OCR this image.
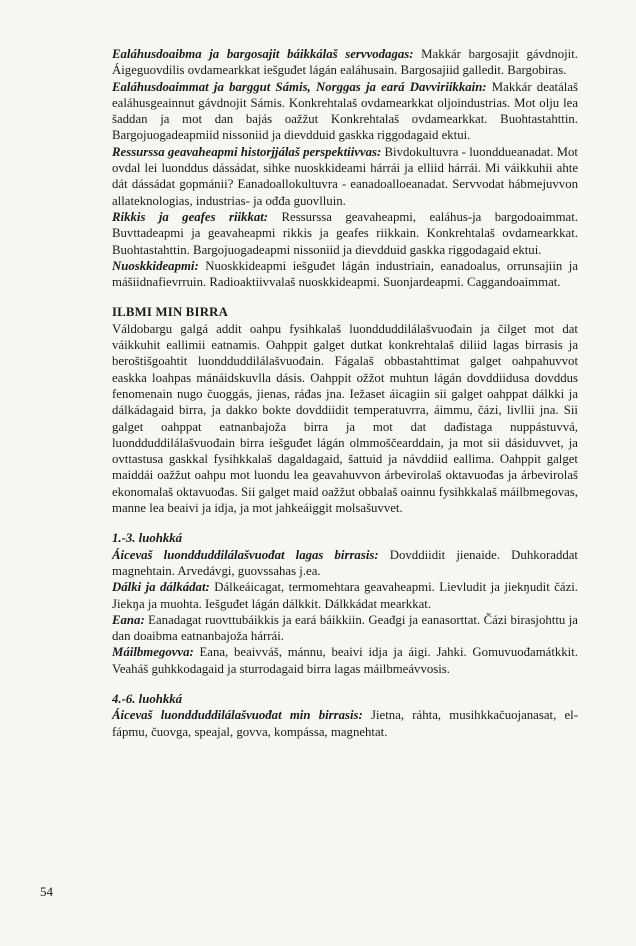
Ealáhusdoaibma ja bargosajit báikkálaš servvodagas: Makkár bargosajit gávdnojit. Áigeguovdilis ovdamearkkat iešguđet lágán ealáhusain. Bargosajiid galledit. Bargobiras.

Ealáhusdoaimmat ja barggut Sámis, Norggas ja eará Davviriikkain: Makkár deatálaš ealáhusgeainnut gávdnojit Sámis. Konkrehtalaš ovdamearkkat oljoindustrias. Mot olju lea šaddan ja mot dan bajás oažžut Konkrehtalaš ovdamearkkat. Buohtastahttin. Bargojuogadeapmiid nissoniid ja dievdduid gaskka riggodagaid ektui.

Ressurssa geavaheapmi historjjálaš perspektiivvas: Bivdokultuvra - luonddueanadat. Mot ovdal lei luonddus dássádat, sihke nuoskkideami hárrái ja elliid hárrái. Mi váikkuhii ahte dát dássádat gopmánii? Eanadoallokultuvra - eanadoalloeanadat. Servvodat hábmejuvvon allateknologias, industrias- ja ođđa guovlluin.

Rikkis ja geafes riikkat: Ressurssa geavaheapmi, ealáhus-ja bargodoaimmat. Buvttadeapmi ja geavaheapmi rikkis ja geafes riikkain. Konkrehtalaš ovdamearkkat. Buohtastahttin. Bargojuogadeapmi nissoniid ja dievdduid gaskka riggodagaid ektui.

Nuoskkideapmi: Nuoskkideapmi iešguđet lágán industriain, eanadoalus, orrunsajiin ja mášiidnafievrruin. Radioaktiivvalaš nuoskkideapmi. Suonjardeapmi. Caggandoaimmat.

ILBMI MIN BIRRA

Váldobargu galgá addit oahpu fysihkalaš luondduddilálašvuođain ja čilget mot dat váikkuhit eallimii eatnamis. Oahppit galget dutkat konkrehtalaš diliid lagas birrasis ja beroštišgoahtit luondduddilálašvuođain. Fágalaš obbastahttimat galget oahpahuvvot easkka loahpas mánáidskuvlla dásis. Oahppit ožžot muhtun lágán dovddiidusa dovddus fenomenain nugo čuoggás, jienas, ráđas jna. Iežaset áicagiin sii galget oahppat dálkki ja dálkádagaid birra, ja dakko bokte dovddiidit temperatuvrra, áimmu, čázi, livllii jna. Sii galget oahppat eatnanbajoža birra ja mot dat dađistaga nuppástuvvá, luondduddilálašvuođain birra iešguđet lágán olmmoščearddain, ja mot sii dásiduvvet, ja ovttastusa gaskkal fysihkkalaš dagaldagaid, šattuid ja návddiid eallima. Oahppit galget maiddái oažžut oahpu mot luondu lea geavahuvvon árbevirolaš oktavuođas ja árbevirolaš ekonomalaš oktavuođas. Sii galget maid oažžut obbalaš oainnu fysihkkalaš máilbmegovas, manne lea beaivi ja idja, ja mot jahkeáiggit molsašuvvet.

1.-3. luohkká

Áicevaš luondduddilálašvuođat lagas birrasis: Dovddiidit jienaide. Duhkoraddat magnehtain. Arvedávgi, guovssahas j.ea.

Dálki ja dálkádat: Dálkeáicagat, termomehtara geavaheapmi. Lievludit ja jiekŋudit čázi. Jiekŋa ja muohta. Iešguđet lágán dálkkit. Dálkkádat mearkkat.

Eana: Eanadagat ruovttubáikkis ja eará báikkiin. Geađgi ja eanasorttat. Čázi birasjohttu ja dan doaibma eatnanbajoža hárrái.

Máilbmegovva: Eana, beaivváš, mánnu, beaivi idja ja áigi. Jahki. Gomuvuođamátkkit. Veaháš guhkkodagaid ja sturrodagaid birra lagas máilbmeávvosis.

4.-6. luohkká

Áicevaš luondduddilálašvuođat min birrasis: Jietna, ráhta, musihkkačuojanasat, el-fápmu, čuovga, speajal, govva, kompássa, magnehtat.

54
